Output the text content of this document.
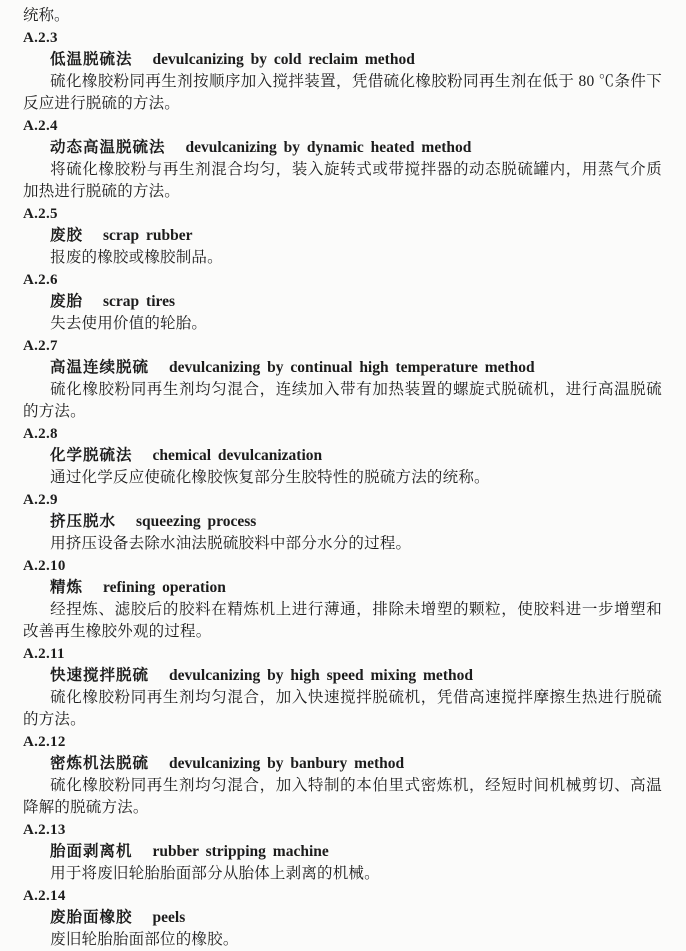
统称。
A.2.3
低温脱硫法 devulcanizing by cold reclaim method
硫化橡胶粉同再生剂按顺序加入搅拌装置，凭借硫化橡胶粉同再生剂在低于 80 ℃条件下反应进行脱硫的方法。
A.2.4
动态高温脱硫法 devulcanizing by dynamic heated method
将硫化橡胶粉与再生剂混合均匀，装入旋转式或带搅拌器的动态脱硫罐内，用蒸气介质加热进行脱硫的方法。
A.2.5
废胶 scrap rubber
报废的橡胶或橡胶制品。
A.2.6
废胎 scrap tires
失去使用价值的轮胎。
A.2.7
高温连续脱硫 devulcanizing by continual high temperature method
硫化橡胶粉同再生剂均匀混合，连续加入带有加热装置的螺旋式脱硫机，进行高温脱硫的方法。
A.2.8
化学脱硫法 chemical devulcanization
通过化学反应使硫化橡胶恢复部分生胶特性的脱硫方法的统称。
A.2.9
挤压脱水 squeezing process
用挤压设备去除水油法脱硫胶料中部分水分的过程。
A.2.10
精炼 refining operation
经捏炼、滤胶后的胶料在精炼机上进行薄通，排除未增塑的颗粒，使胶料进一步增塑和改善再生橡胶外观的过程。
A.2.11
快速搅拌脱硫 devulcanizing by high speed mixing method
硫化橡胶粉同再生剂均匀混合，加入快速搅拌脱硫机，凭借高速搅拌摩擦生热进行脱硫的方法。
A.2.12
密炼机法脱硫 devulcanizing by banbury method
硫化橡胶粉同再生剂均匀混合，加入特制的本伯里式密炼机，经短时间机械剪切、高温降解的脱硫方法。
A.2.13
胎面剥离机 rubber stripping machine
用于将废旧轮胎胎面部分从胎体上剥离的机械。
A.2.14
废胎面橡胶 peels
废旧轮胎胎面部位的橡胶。
